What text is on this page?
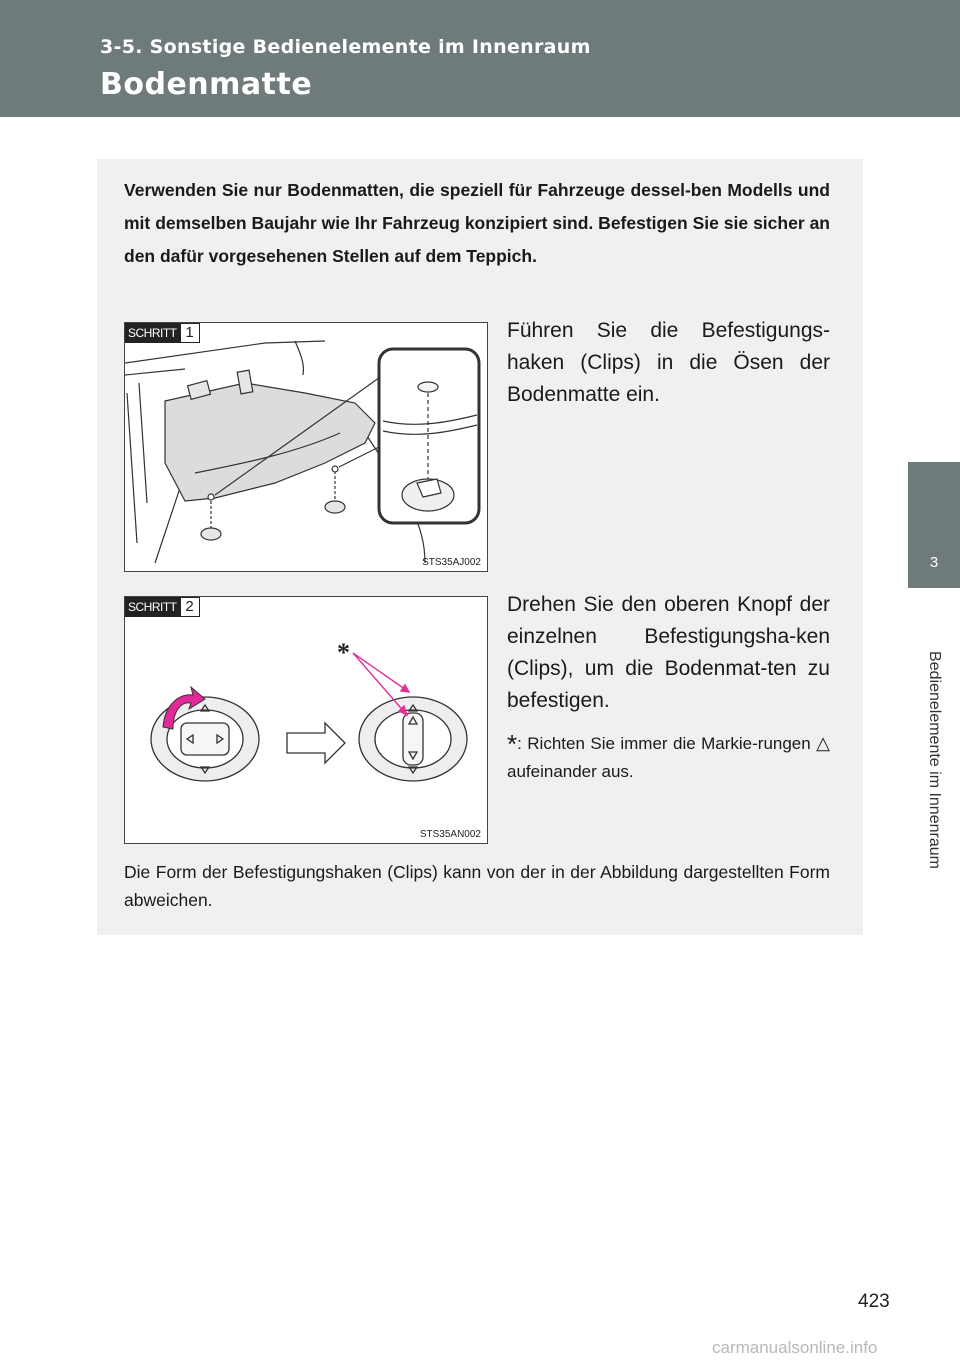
3-5. Sonstige Bedienelemente im Innenraum
Bodenmatte
3
Bedienelemente im Innenraum

Verwenden Sie nur Bodenmatten, die speziell für Fahrzeuge dessel-ben Modells und mit demselben Baujahr wie Ihr Fahrzeug konzipiert sind. Befestigen Sie sie sicher an den dafür vorgesehenen Stellen auf dem Teppich.

SCHRITT 1
STS35AJ002

Führen Sie die Befestigungs-haken (Clips) in die Ösen der Bodenmatte ein.

*
SCHRITT 2
STS35AN002

Drehen Sie den oberen Knopf der einzelnen Befestigungsha-ken (Clips), um die Bodenmat-ten zu befestigen.

*: Richten Sie immer die Markie-rungen △ aufeinander aus.

Die Form der Befestigungshaken (Clips) kann von der in der Abbildung dargestellten Form abweichen.

423
carmanualsonline.info
